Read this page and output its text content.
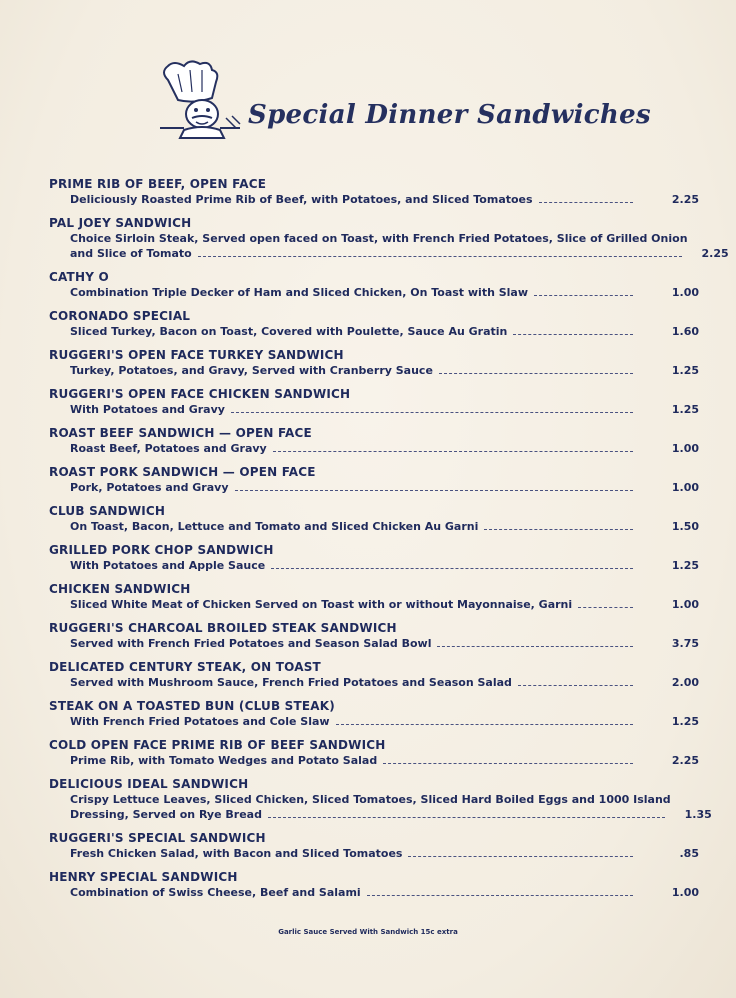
Special Dinner Sandwiches
PRIME RIB OF BEEF, OPEN FACE
Deliciously Roasted Prime Rib of Beef, with Potatoes, and Sliced Tomatoes	2.25
PAL JOEY SANDWICH
Choice Sirloin Steak, Served open faced on Toast, with French Fried Potatoes, Slice of Grilled Onion
and Slice of Tomato	2.25
CATHY O
Combination Triple Decker of Ham and Sliced Chicken, On Toast with Slaw	1.00
CORONADO SPECIAL
Sliced Turkey, Bacon on Toast, Covered with Poulette, Sauce Au Gratin	1.60
RUGGERI'S OPEN FACE TURKEY SANDWICH
Turkey, Potatoes, and Gravy, Served with Cranberry Sauce	1.25
RUGGERI'S OPEN FACE CHICKEN SANDWICH
With Potatoes and Gravy	1.25
ROAST BEEF SANDWICH — OPEN FACE
Roast Beef, Potatoes and Gravy	1.00
ROAST PORK SANDWICH — OPEN FACE
Pork, Potatoes and Gravy	1.00
CLUB SANDWICH
On Toast, Bacon, Lettuce and Tomato and Sliced Chicken Au Garni	1.50
GRILLED PORK CHOP SANDWICH
With Potatoes and Apple Sauce	1.25
CHICKEN SANDWICH
Sliced White Meat of Chicken Served on Toast with or without Mayonnaise, Garni	1.00
RUGGERI'S CHARCOAL BROILED STEAK SANDWICH
Served with French Fried Potatoes and Season Salad Bowl	3.75
DELICATED CENTURY STEAK, ON TOAST
Served with Mushroom Sauce, French Fried Potatoes and Season Salad	2.00
STEAK ON A TOASTED BUN (CLUB STEAK)
With French Fried Potatoes and Cole Slaw	1.25
COLD OPEN FACE PRIME RIB OF BEEF SANDWICH
Prime Rib, with Tomato Wedges and Potato Salad	2.25
DELICIOUS IDEAL SANDWICH
Crispy Lettuce Leaves, Sliced Chicken, Sliced Tomatoes, Sliced Hard Boiled Eggs and 1000 Island
Dressing, Served on Rye Bread	1.35
RUGGERI'S SPECIAL SANDWICH
Fresh Chicken Salad, with Bacon and Sliced Tomatoes	.85
HENRY SPECIAL SANDWICH
Combination of Swiss Cheese, Beef and Salami	1.00
Garlic Sauce Served With Sandwich 15c extra
